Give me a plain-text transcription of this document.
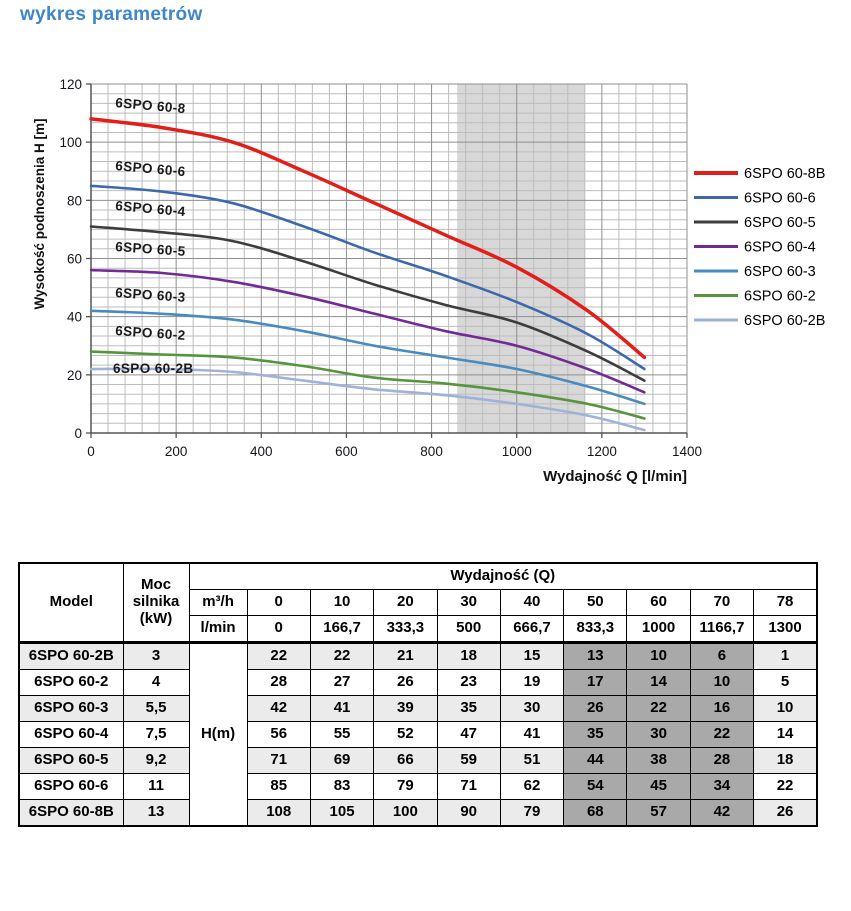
wykres parametrów
0	200	400	600	800	1000	1200	1400
0
20
40
60
80
100
120
Wydajność Q [l/min]
Wysokość podnoszenia H [m]
6SPO 60-8
6SPO 60-6
6SPO 60-4
6SPO 60-5
6SPO 60-3
6SPO 60-2
6SPO 60-2B
6SPO 60-8B
6SPO 60-6
6SPO 60-5
6SPO 60-4
6SPO 60-3
6SPO 60-2
6SPO 60-2B
Model	Moc silnika (kW)	Wydajność (Q)									
		m³/h	0	10	20	30	40	50	60	70	78
		l/min	0	166,7	333,3	500	666,7	833,3	1000	1166,7	1300
6SPO 60-2B	3	H(m)	22	22	21	18	15	13	10	6	1
6SPO 60-2	4		28	27	26	23	19	17	14	10	5
6SPO 60-3	5,5		42	41	39	35	30	26	22	16	10
6SPO 60-4	7,5		56	55	52	47	41	35	30	22	14
6SPO 60-5	9,2		71	69	66	59	51	44	38	28	18
6SPO 60-6	11		85	83	79	71	62	54	45	34	22
6SPO 60-8B	13		108	105	100	90	79	68	57	42	26
